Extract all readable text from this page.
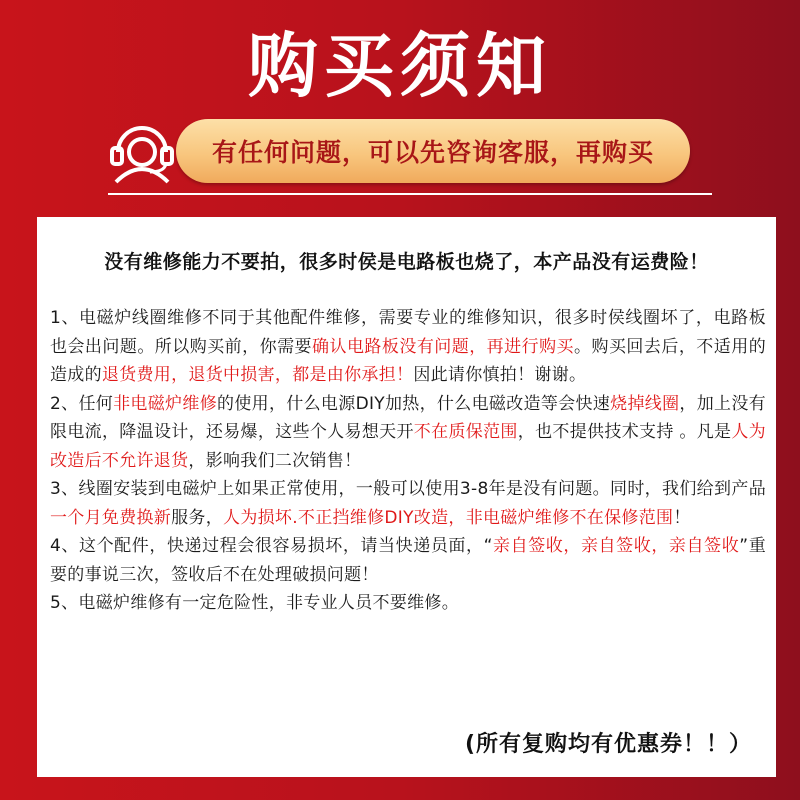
购买须知
有任何问题，可以先咨询客服，再购买
没有维修能力不要拍，很多时侯是电路板也烧了，本产品没有运费险！

1、电磁炉线圈维修不同于其他配件维修，需要专业的维修知识，很多时侯线圈坏了，电路板也会出问题。所以购买前，你需要确认电路板没有问题，再进行购买。购买回去后，不适用的造成的退货费用，退货中损害，都是由你承担！因此请你慎拍！谢谢。

2、任何非电磁炉维修的使用，什么电源DIY加热，什么电磁改造等会快速烧掉线圈，加上没有限电流，降温设计，还易爆，这些个人易想天开不在质保范围，也不提供技术支持 。凡是人为改造后不允许退货，影响我们二次销售！

3、线圈安装到电磁炉上如果正常使用，一般可以使用3-8年是没有问题。同时，我们给到产品一个月免费换新服务，人为损坏.不正挡维修DIY改造，非电磁炉维修不在保修范围！

4、这个配件，快递过程会很容易损坏，请当快递员面，“亲自签收，亲自签收，亲自签收”重要的事说三次，签收后不在处理破损问题！

5、电磁炉维修有一定危险性，非专业人员不要维修。

(所有复购均有优惠券！！）
